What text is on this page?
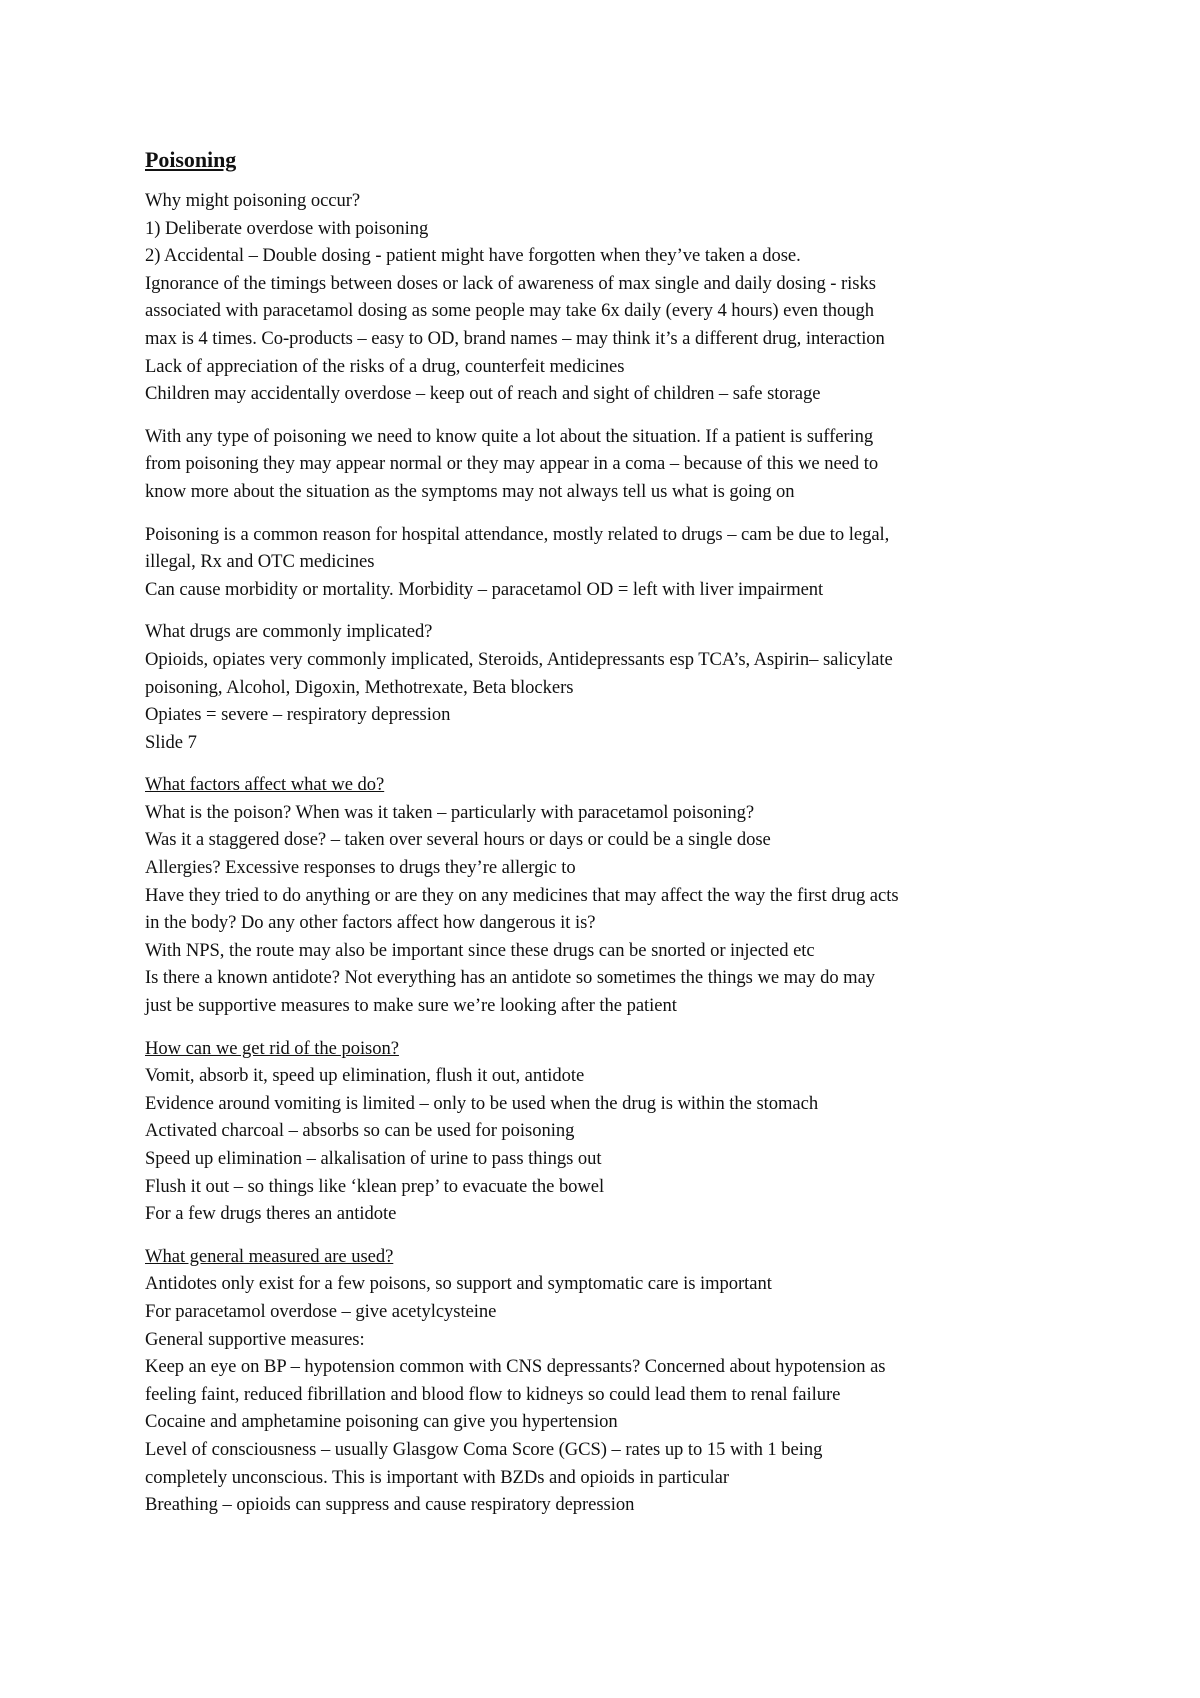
Poisoning
Why might poisoning occur?
1) Deliberate overdose with poisoning
2) Accidental – Double dosing - patient might have forgotten when they’ve taken a dose.
Ignorance of the timings between doses or lack of awareness of max single and daily dosing - risks
associated with paracetamol dosing as some people may take 6x daily (every 4 hours) even though
max is 4 times. Co-products – easy to OD, brand names – may think it’s a different drug, interaction
Lack of appreciation of the risks of a drug, counterfeit medicines
Children may accidentally overdose – keep out of reach and sight of children – safe storage
With any type of poisoning we need to know quite a lot about the situation. If a patient is suffering
from poisoning they may appear normal or they may appear in a coma – because of this we need to
know more about the situation as the symptoms may not always tell us what is going on
Poisoning is a common reason for hospital attendance, mostly related to drugs – cam be due to legal,
illegal, Rx and OTC medicines
Can cause morbidity or mortality. Morbidity – paracetamol OD = left with liver impairment
What drugs are commonly implicated?
Opioids, opiates very commonly implicated, Steroids, Antidepressants esp TCA’s, Aspirin– salicylate
poisoning, Alcohol, Digoxin, Methotrexate, Beta blockers
Opiates = severe – respiratory depression
Slide 7
What factors affect what we do?
What is the poison? When was it taken – particularly with paracetamol poisoning?
Was it a staggered dose? – taken over several hours or days or could be a single dose
Allergies? Excessive responses to drugs they’re allergic to
Have they tried to do anything or are they on any medicines that may affect the way the first drug acts
in the body? Do any other factors affect how dangerous it is?
With NPS, the route may also be important since these drugs can be snorted or injected etc
Is there a known antidote? Not everything has an antidote so sometimes the things we may do may
just be supportive measures to make sure we’re looking after the patient
How can we get rid of the poison?
Vomit, absorb it, speed up elimination, flush it out, antidote
Evidence around vomiting is limited – only to be used when the drug is within the stomach
Activated charcoal – absorbs so can be used for poisoning
Speed up elimination – alkalisation of urine to pass things out
Flush it out – so things like ‘klean prep’ to evacuate the bowel
For a few drugs theres an antidote
What general measured are used?
Antidotes only exist for a few poisons, so support and symptomatic care is important
For paracetamol overdose – give acetylcysteine
General supportive measures:
Keep an eye on BP – hypotension common with CNS depressants? Concerned about hypotension as
feeling faint, reduced fibrillation and blood flow to kidneys so could lead them to renal failure
Cocaine and amphetamine poisoning can give you hypertension
Level of consciousness – usually Glasgow Coma Score (GCS) – rates up to 15 with 1 being
completely unconscious. This is important with BZDs and opioids in particular
Breathing – opioids can suppress and cause respiratory depression
